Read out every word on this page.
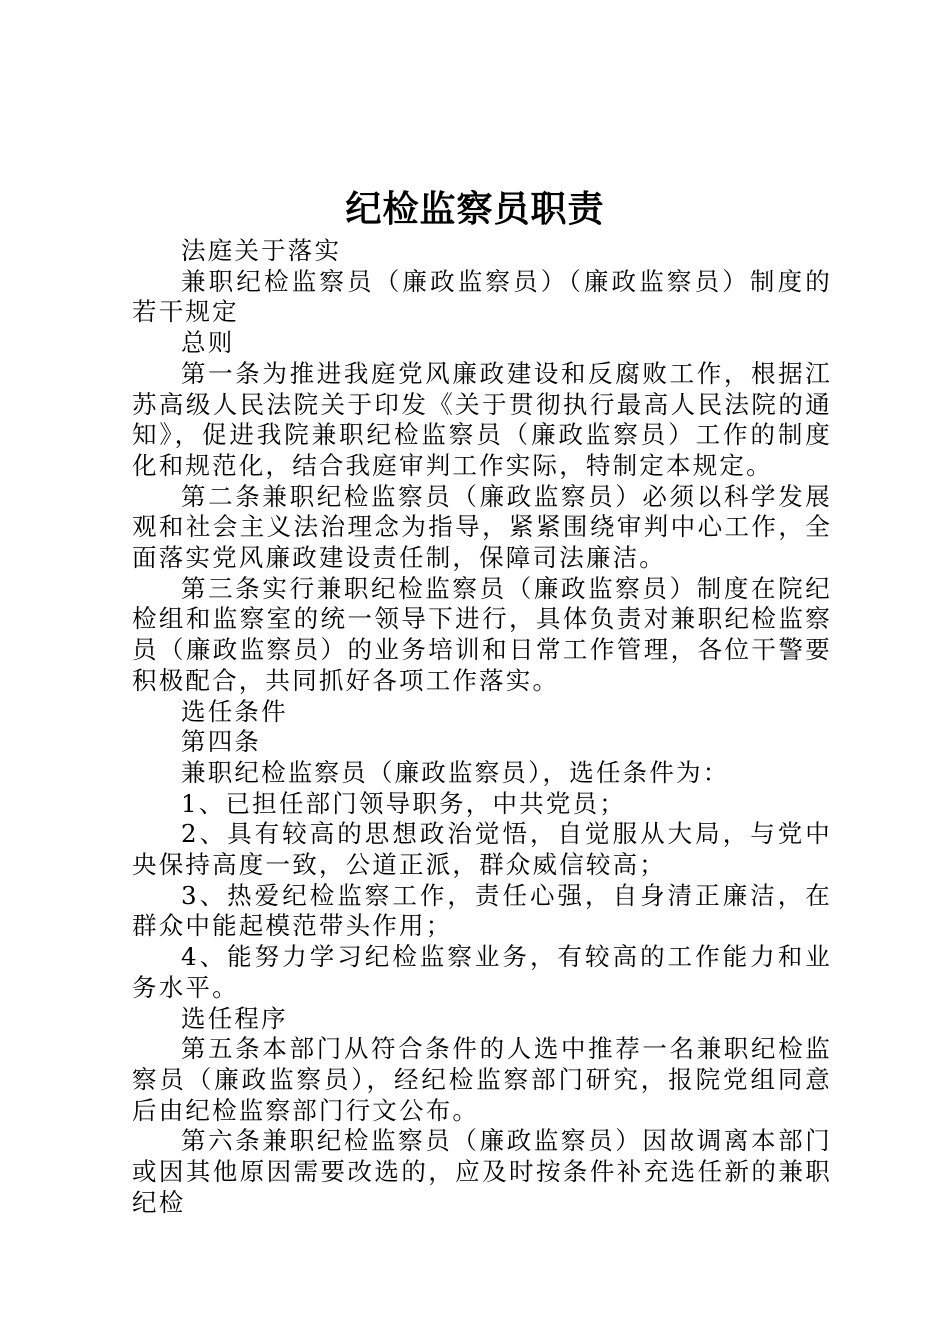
纪检监察员职责

法庭关于落实

兼职纪检监察员（廉政监察员）（廉政监察员）制度的若干规定

总则

第一条为推进我庭党风廉政建设和反腐败工作，根据江苏高级人民法院关于印发《关于贯彻执行最高人民法院的通知》，促进我院兼职纪检监察员（廉政监察员）工作的制度化和规范化，结合我庭审判工作实际，特制定本规定。

第二条兼职纪检监察员（廉政监察员）必须以科学发展观和社会主义法治理念为指导，紧紧围绕审判中心工作，全面落实党风廉政建设责任制，保障司法廉洁。

第三条实行兼职纪检监察员（廉政监察员）制度在院纪检组和监察室的统一领导下进行，具体负责对兼职纪检监察员（廉政监察员）的业务培训和日常工作管理，各位干警要积极配合，共同抓好各项工作落实。

选任条件

第四条

兼职纪检监察员（廉政监察员），选任条件为：

1、已担任部门领导职务，中共党员；

2、具有较高的思想政治觉悟，自觉服从大局，与党中央保持高度一致，公道正派，群众威信较高；

3、热爱纪检监察工作，责任心强，自身清正廉洁，在群众中能起模范带头作用；

4、能努力学习纪检监察业务，有较高的工作能力和业务水平。

选任程序

第五条本部门从符合条件的人选中推荐一名兼职纪检监察员（廉政监察员），经纪检监察部门研究，报院党组同意后由纪检监察部门行文公布。

第六条兼职纪检监察员（廉政监察员）因故调离本部门或因其他原因需要改选的，应及时按条件补充选任新的兼职纪检
